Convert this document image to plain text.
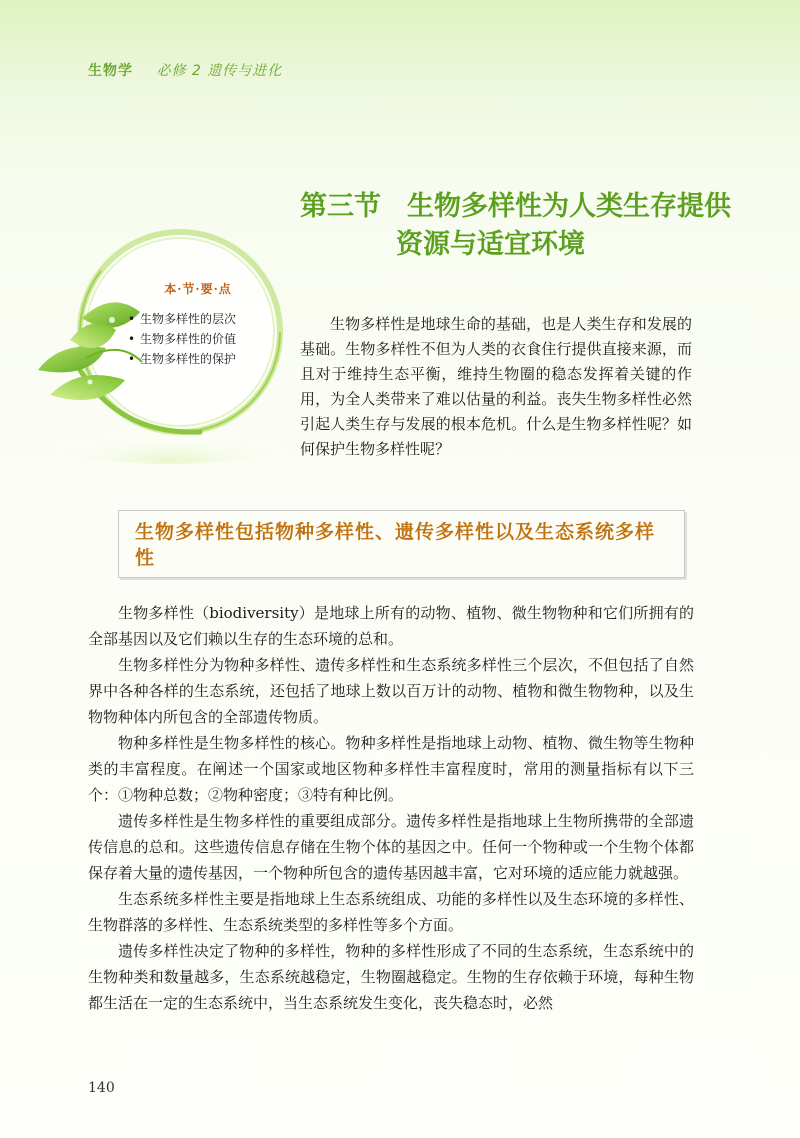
生物学 必修 2 遗传与进化
第三节 生物多样性为人类生存提供
资源与适宜环境
本·节·要·点
• 生物多样性的层次
• 生物多样性的价值
• 生物多样性的保护

生物多样性是地球生命的基础，也是人类生存和发展的基础。生物多样性不但为人类的衣食住行提供直接来源，而且对于维持生态平衡，维持生物圈的稳态发挥着关键的作用，为全人类带来了难以估量的利益。丧失生物多样性必然引起人类生存与发展的根本危机。什么是生物多样性呢？如何保护生物多样性呢？

生物多样性包括物种多样性、遗传多样性以及生态系统多样性

生物多样性（biodiversity）是地球上所有的动物、植物、微生物物种和它们所拥有的全部基因以及它们赖以生存的生态环境的总和。

生物多样性分为物种多样性、遗传多样性和生态系统多样性三个层次，不但包括了自然界中各种各样的生态系统，还包括了地球上数以百万计的动物、植物和微生物物种，以及生物物种体内所包含的全部遗传物质。

物种多样性是生物多样性的核心。物种多样性是指地球上动物、植物、微生物等生物种类的丰富程度。在阐述一个国家或地区物种多样性丰富程度时，常用的测量指标有以下三个：①物种总数；②物种密度；③特有种比例。

遗传多样性是生物多样性的重要组成部分。遗传多样性是指地球上生物所携带的全部遗传信息的总和。这些遗传信息存储在生物个体的基因之中。任何一个物种或一个生物个体都保存着大量的遗传基因，一个物种所包含的遗传基因越丰富，它对环境的适应能力就越强。

生态系统多样性主要是指地球上生态系统组成、功能的多样性以及生态环境的多样性、生物群落的多样性、生态系统类型的多样性等多个方面。

遗传多样性决定了物种的多样性，物种的多样性形成了不同的生态系统，生态系统中的生物种类和数量越多，生态系统越稳定，生物圈越稳定。生物的生存依赖于环境，每种生物都生活在一定的生态系统中，当生态系统发生变化，丧失稳态时，必然

140
